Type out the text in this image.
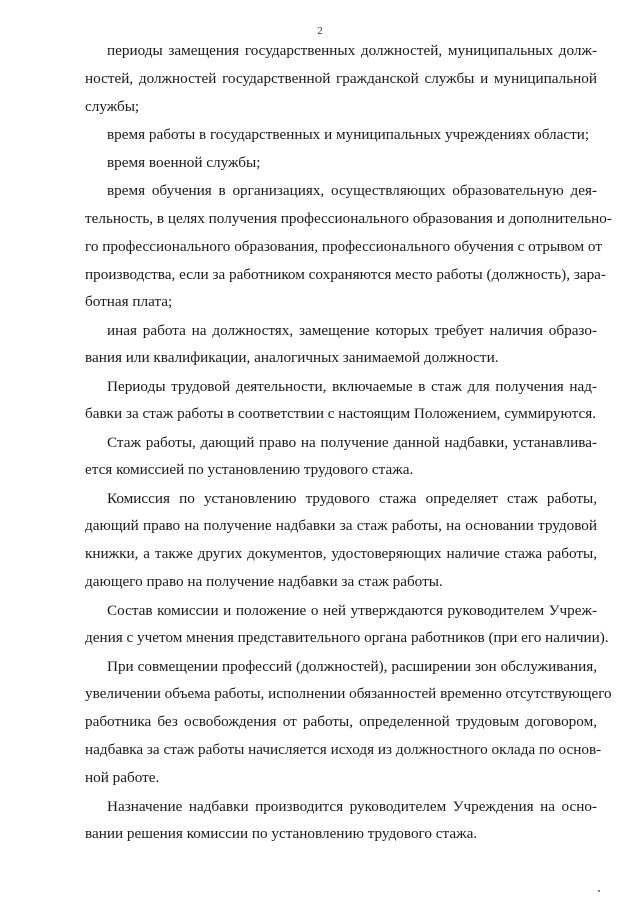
2
периоды замещения государственных должностей, муниципальных долж-
ностей, должностей государственной гражданской службы и муниципальной
службы;
время работы в государственных и муниципальных учреждениях области;
время военной службы;
время обучения в организациях, осуществляющих образовательную дея-
тельность, в целях получения профессионального образования и дополнительно-
го профессионального образования, профессионального обучения с отрывом от
производства, если за работником сохраняются место работы (должность), зара-
ботная плата;
иная работа на должностях, замещение которых требует наличия образо-
вания или квалификации, аналогичных занимаемой должности.
Периоды трудовой деятельности, включаемые в стаж для получения над-
бавки за стаж работы в соответствии с настоящим Положением, суммируются.
Стаж работы, дающий право на получение данной надбавки, устанавлива-
ется комиссией по установлению трудового стажа.
Комиссия по установлению трудового стажа определяет стаж работы,
дающий право на получение надбавки за стаж работы, на основании трудовой
книжки, а также других документов, удостоверяющих наличие стажа работы,
дающего право на получение надбавки за стаж работы.
Состав комиссии и положение о ней утверждаются руководителем Учреж-
дения с учетом мнения представительного органа работников (при его наличии).
При совмещении профессий (должностей), расширении зон обслуживания,
увеличении объема работы, исполнении обязанностей временно отсутствующего
работника без освобождения от работы, определенной трудовым договором,
надбавка за стаж работы начисляется исходя из должностного оклада по основ-
ной работе.
Назначение надбавки производится руководителем Учреждения на осно-
вании решения комиссии по установлению трудового стажа.
